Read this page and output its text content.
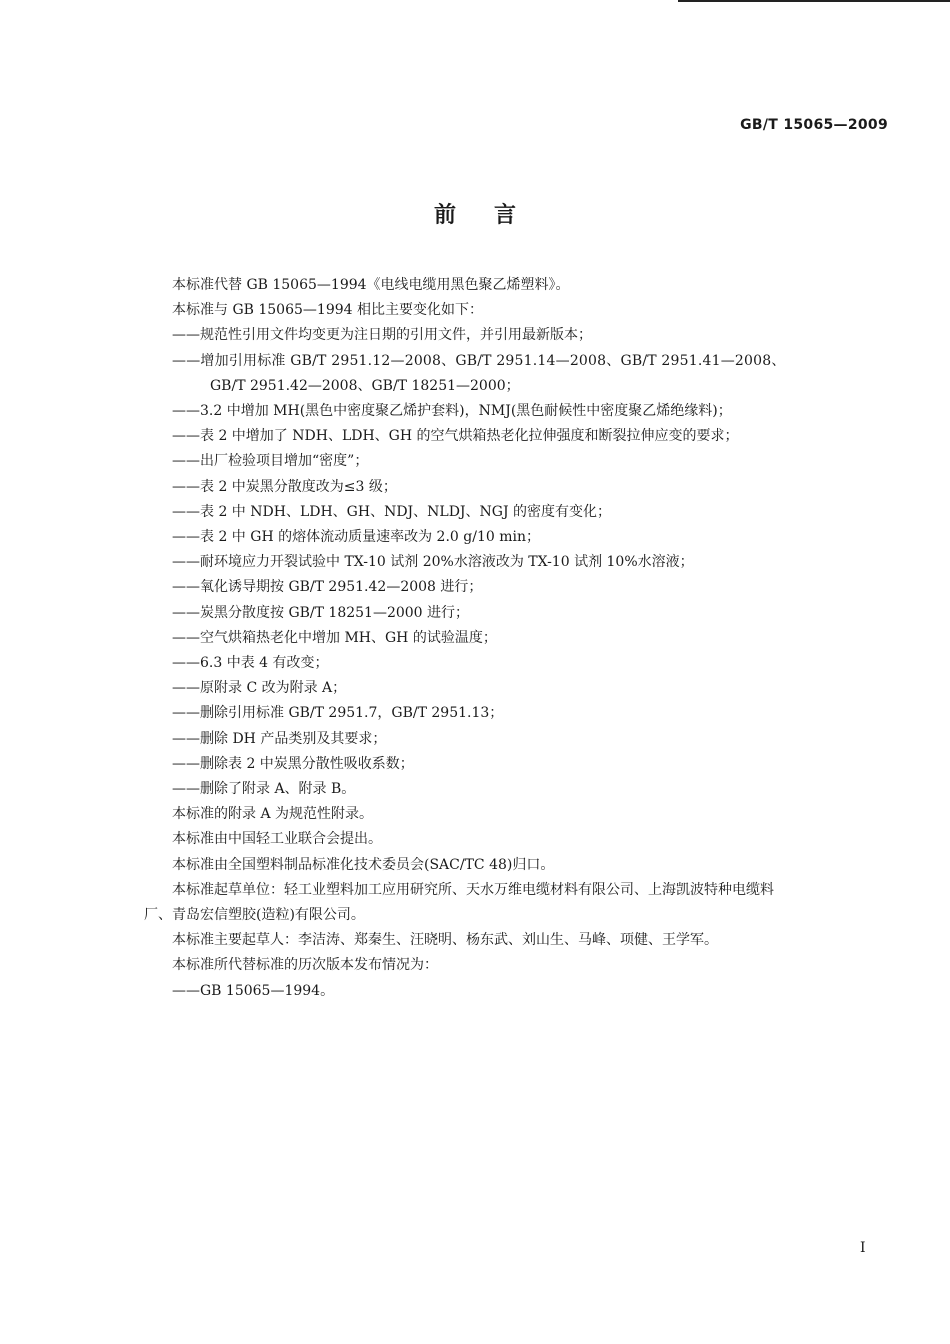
GB/T 15065—2009
前言

本标准代替 GB 15065—1994《电线电缆用黑色聚乙烯塑料》。

本标准与 GB 15065—1994 相比主要变化如下：

——规范性引用文件均变更为注日期的引用文件，并引用最新版本；

——增加引用标准 GB/T 2951.12—2008、GB/T 2951.14—2008、GB/T 2951.41—2008、

GB/T 2951.42—2008、GB/T 18251—2000；

——3.2 中增加 MH(黑色中密度聚乙烯护套料)，NMJ(黑色耐候性中密度聚乙烯绝缘料)；

——表 2 中增加了 NDH、LDH、GH 的空气烘箱热老化拉伸强度和断裂拉伸应变的要求；

——出厂检验项目增加“密度”；

——表 2 中炭黑分散度改为≤3 级；

——表 2 中 NDH、LDH、GH、NDJ、NLDJ、NGJ 的密度有变化；

——表 2 中 GH 的熔体流动质量速率改为 2.0 g/10 min；

——耐环境应力开裂试验中 TX-10 试剂 20%水溶液改为 TX-10 试剂 10%水溶液；

——氧化诱导期按 GB/T 2951.42—2008 进行；

——炭黑分散度按 GB/T 18251—2000 进行；

——空气烘箱热老化中增加 MH、GH 的试验温度；

——6.3 中表 4 有改变；

——原附录 C 改为附录 A；

——删除引用标准 GB/T 2951.7，GB/T 2951.13；

——删除 DH 产品类别及其要求；

——删除表 2 中炭黑分散性吸收系数；

——删除了附录 A、附录 B。

本标准的附录 A 为规范性附录。

本标准由中国轻工业联合会提出。

本标准由全国塑料制品标准化技术委员会(SAC/TC 48)归口。

本标准起草单位：轻工业塑料加工应用研究所、天水万维电缆材料有限公司、上海凯波特种电缆料

厂、青岛宏信塑胶(造粒)有限公司。

本标准主要起草人：李洁涛、郑秦生、汪晓明、杨东武、刘山生、马峰、项健、王学军。

本标准所代替标准的历次版本发布情况为：

——GB 15065—1994。

I
